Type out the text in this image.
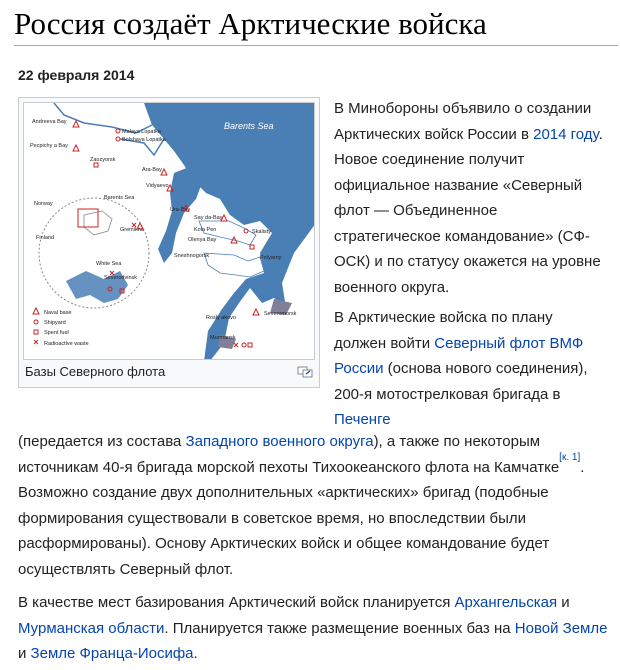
Россия создаёт Арктические войска
22 февраля 2014
Barents Sea
Andreeva Bay
Malaya Lopatka
Bolshaya Lopatka
Pecpichy a Bay
Zaozyorsk
Ara-Bay
Vidyaevo
Norway
Barents Sea
Ura-Bay
Say da-Bay
Finland
Gremikha	Kola Pen
Olenya Bay
Skalisty
Sneshnogorsk	Polyarny
White Sea
Severodvinsk
Rosly akovo
Severomorsk
Murmansk
Naval base
Shipyard
Spent fuel
Radioactive waste
Базы Северного флота

В Минобороны объявило о создании Арктических войск России в 2014 году. Новое соединение получит официальное название «Северный флот — Объединенное стратегическое командование» (СФ-ОСК) и по статусу окажется на уровне военного округа.

В Арктические войска по плану должен войти Северный флот ВМФ России (основа нового соединения), 200-я мотострелковая бригада в Печенге

(передается из состава Западного военного округа), а также по некоторым источникам 40-я бригада морской пехоты Тихоокеанского флота на Камчатке[к. 1]. Возможно создание двух дополнительных «арктических» бригад (подобные формирования существовали в советское время, но впоследствии были расформированы). Основу Арктических войск и общее командование будет осуществлять Северный флот.

В качестве мест базирования Арктический войск планируется Архангельская и Мурманская области. Планируется также размещение военных баз на Новой Земле и Земле Франца-Иосифа.
